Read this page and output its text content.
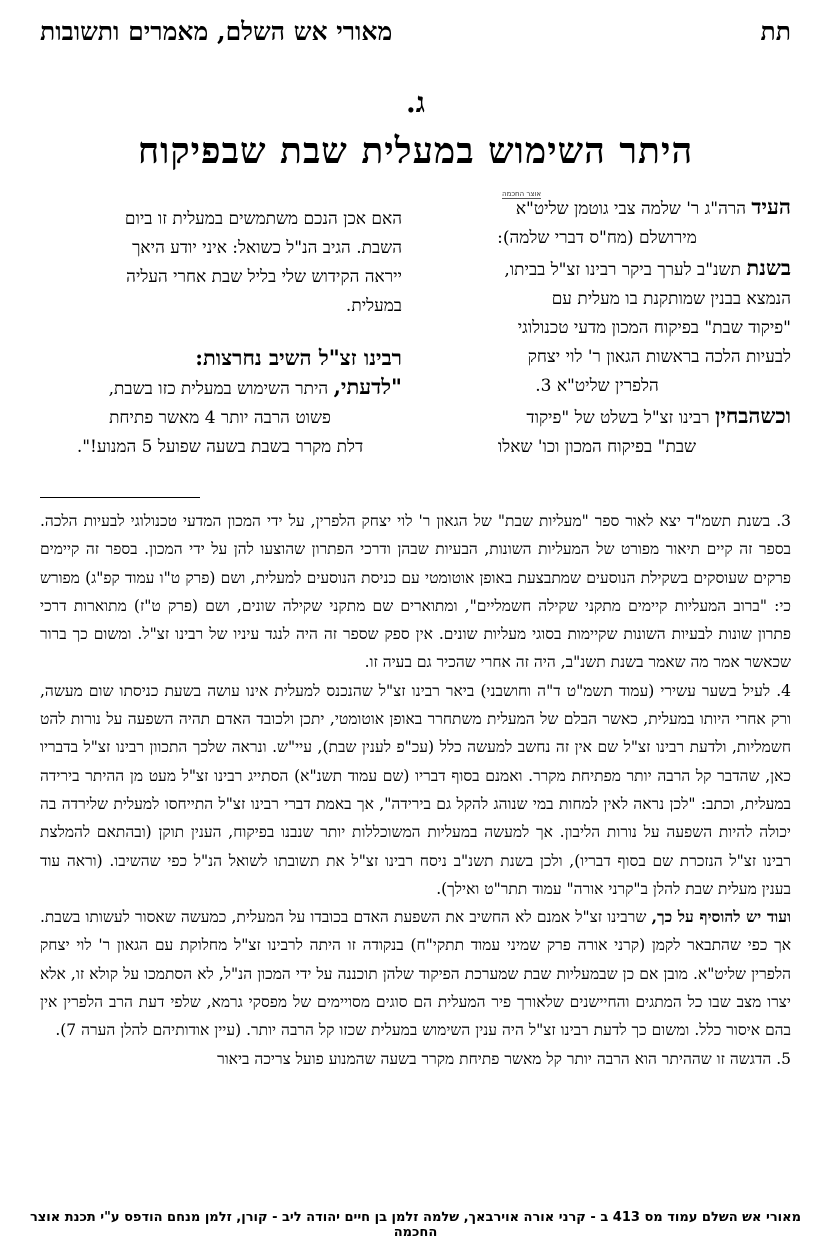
תת
מאורי אש השלם, מאמרים ותשובות
ג.
היתר השימוש במעלית שבת שבפיקוח
אוצר החכמה	העיד הרה"ג ר' שלמה צבי גוטמן שליט"א

מירושלם (מח"ס דברי שלמה):

בשנת תשנ"ב לערך ביקר רבינו זצ"ל בביתו,

הנמצא בבנין שמותקנת בו מעלית עם

"פיקוד שבת" בפיקוח המכון מדעי טכנולוגי

לבעיות הלכה בראשות הגאון ר' לוי יצחק

הלפרין שליט"א 3.

וכשהבחין רבינו זצ"ל בשלט של "פיקוד

שבת" בפיקוח המכון וכו' שאלו

האם אכן הנכם משתמשים במעלית זו ביום

השבת. הגיב הנ"ל כשואל: איני יודע היאך

ייראה הקידוש שלי בליל שבת אחרי העליה

במעלית.

רבינו זצ"ל השיב נחרצות:

"לדעתי, היתר השימוש במעלית כזו בשבת,

פשוט הרבה יותר 4 מאשר פתיחת

דלת מקרר בשבת בשעה שפועל 5 המנוע!".

3. בשנת תשמ"ד יצא לאור ספר "מעליות שבת" של הגאון ר' לוי יצחק הלפרין, על ידי המכון המדעי טכנולוגי לבעיות הלכה. בספר זה קיים תיאור מפורט של המעליות השונות, הבעיות שבהן ודרכי הפתרון שהוצעו להן על ידי המכון. בספר זה קיימים פרקים שעוסקים בשקילת הנוסעים שמתבצעת באופן אוטומטי עם כניסת הנוסעים למעלית, ושם (פרק ט"ו עמוד קפ"ג) מפורש כי: "ברוב המעליות קיימים מתקני שקילה חשמליים", ומתוארים שם מתקני שקילה שונים, ושם (פרק ט"ז) מתוארות דרכי פתרון שונות לבעיות השונות שקיימות בסוגי מעליות שונים. אין ספק שספר זה היה לנגד עיניו של רבינו זצ"ל. ומשום כך ברור שכאשר אמר מה שאמר בשנת תשנ"ב, היה זה אחרי שהכיר גם בעיה זו.

4. לעיל בשער עשירי (עמוד תשמ"ט ד"ה וחושבני) ביאר רבינו זצ"ל שהנכנס למעלית אינו עושה בשעת כניסתו שום מעשה, ורק אחרי היותו במעלית, כאשר הבלם של המעלית משתחרר באופן אוטומטי, יתכן ולכובד האדם תהיה השפעה על נורות להט חשמליות, ולדעת רבינו זצ"ל שם אין זה נחשב למעשה כלל (עכ"פ לענין שבת), עיי"ש. ונראה שלכך התכוון רבינו זצ"ל בדבריו כאן, שהדבר קל הרבה יותר מפתיחת מקרר. ואמנם בסוף דבריו (שם עמוד תשנ"א) הסתייג רבינו זצ"ל מעט מן ההיתר בירידה במעלית, וכתב: "לכן נראה לאין למחות במי שנוהג להקל גם בירידה", אך באמת דברי רבינו זצ"ל התייחסו למעלית שלירדה בה יכולה להיות השפעה על נורות הליבון. אך למעשה במעליות המשוכללות יותר שנבנו בפיקוח, הענין תוקן (ובהתאם להמלצת רבינו זצ"ל הנזכרת שם בסוף דבריו), ולכן בשנת תשנ"ב ניסח רבינו זצ"ל את תשובתו לשואל הנ"ל כפי שהשיבו. (וראה עוד בענין מעלית שבת להלן ב"קרני אורה" עמוד תתר"ט ואילך).

ועוד יש להוסיף על כך, שרבינו זצ"ל אמנם לא החשיב את השפעת האדם בכובדו על המעלית, כמעשה שאסור לעשותו בשבת. אך כפי שהתבאר לקמן (קרני אורה פרק שמיני עמוד תתקי"ח) בנקודה זו היתה לרבינו זצ"ל מחלוקת עם הגאון ר' לוי יצחק הלפרין שליט"א. מובן אם כן שבמעליות שבת שמערכת הפיקוד שלהן תוכננה על ידי המכון הנ"ל, לא הסתמכו על קולא זו, אלא יצרו מצב שבו כל המתגים והחיישנים שלאורך פיר המעלית הם סוגים מסויימים של מפסקי גרמא, שלפי דעת הרב הלפרין אין בהם איסור כלל. ומשום כך לדעת רבינו זצ"ל היה ענין השימוש במעלית שכזו קל הרבה יותר. (עיין אודותיהם להלן הערה 7).

5. הדגשה זו שההיתר הוא הרבה יותר קל מאשר פתיחת מקרר בשעה שהמנוע פועל צריכה ביאור

מאורי אש השלם עמוד מס 413 ב - קרני אורה אוירבאך, שלמה זלמן בן חיים יהודה ליב - קורן, זלמן מנחם הודפס ע"י תכנת אוצר החכמה
